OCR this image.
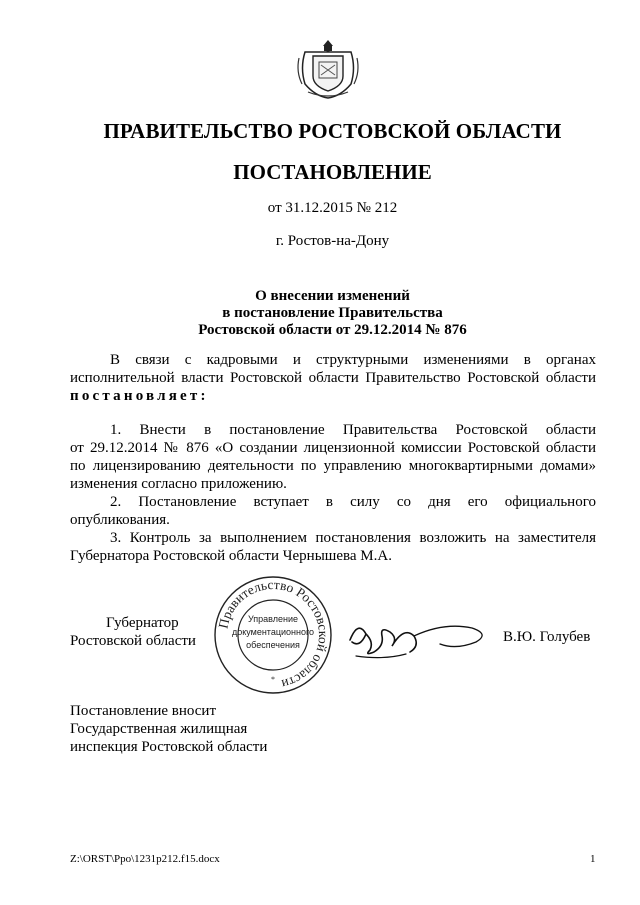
ПРАВИТЕЛЬСТВО РОСТОВСКОЙ ОБЛАСТИ
ПОСТАНОВЛЕНИЕ
от 31.12.2015 № 212
г. Ростов-на-Дону
О внесении изменений
в постановление Правительства
Ростовской области от 29.12.2014 № 876
В связи с кадровыми и структурными изменениями в органах
исполнительной власти Ростовской области Правительство Ростовской области
постановляет:
1. Внести в постановление Правительства Ростовской области
от 29.12.2014 № 876 «О создании лицензионной комиссии Ростовской области
по лицензированию деятельности по управлению многоквартирными домами»
изменения согласно приложению.
2. Постановление вступает в силу со дня его официального
опубликования.
3. Контроль за выполнением постановления возложить на заместителя
Губернатора Ростовской области Чернышева М.А.
Губернатор
Ростовской области
Правительство Ростовской области
Управление
документационного
обеспечения
*
В.Ю. Голубев
Постановление вносит
Государственная жилищная
инспекция Ростовской области
Z:\ORST\Ppo\1231p212.f15.docx	1
